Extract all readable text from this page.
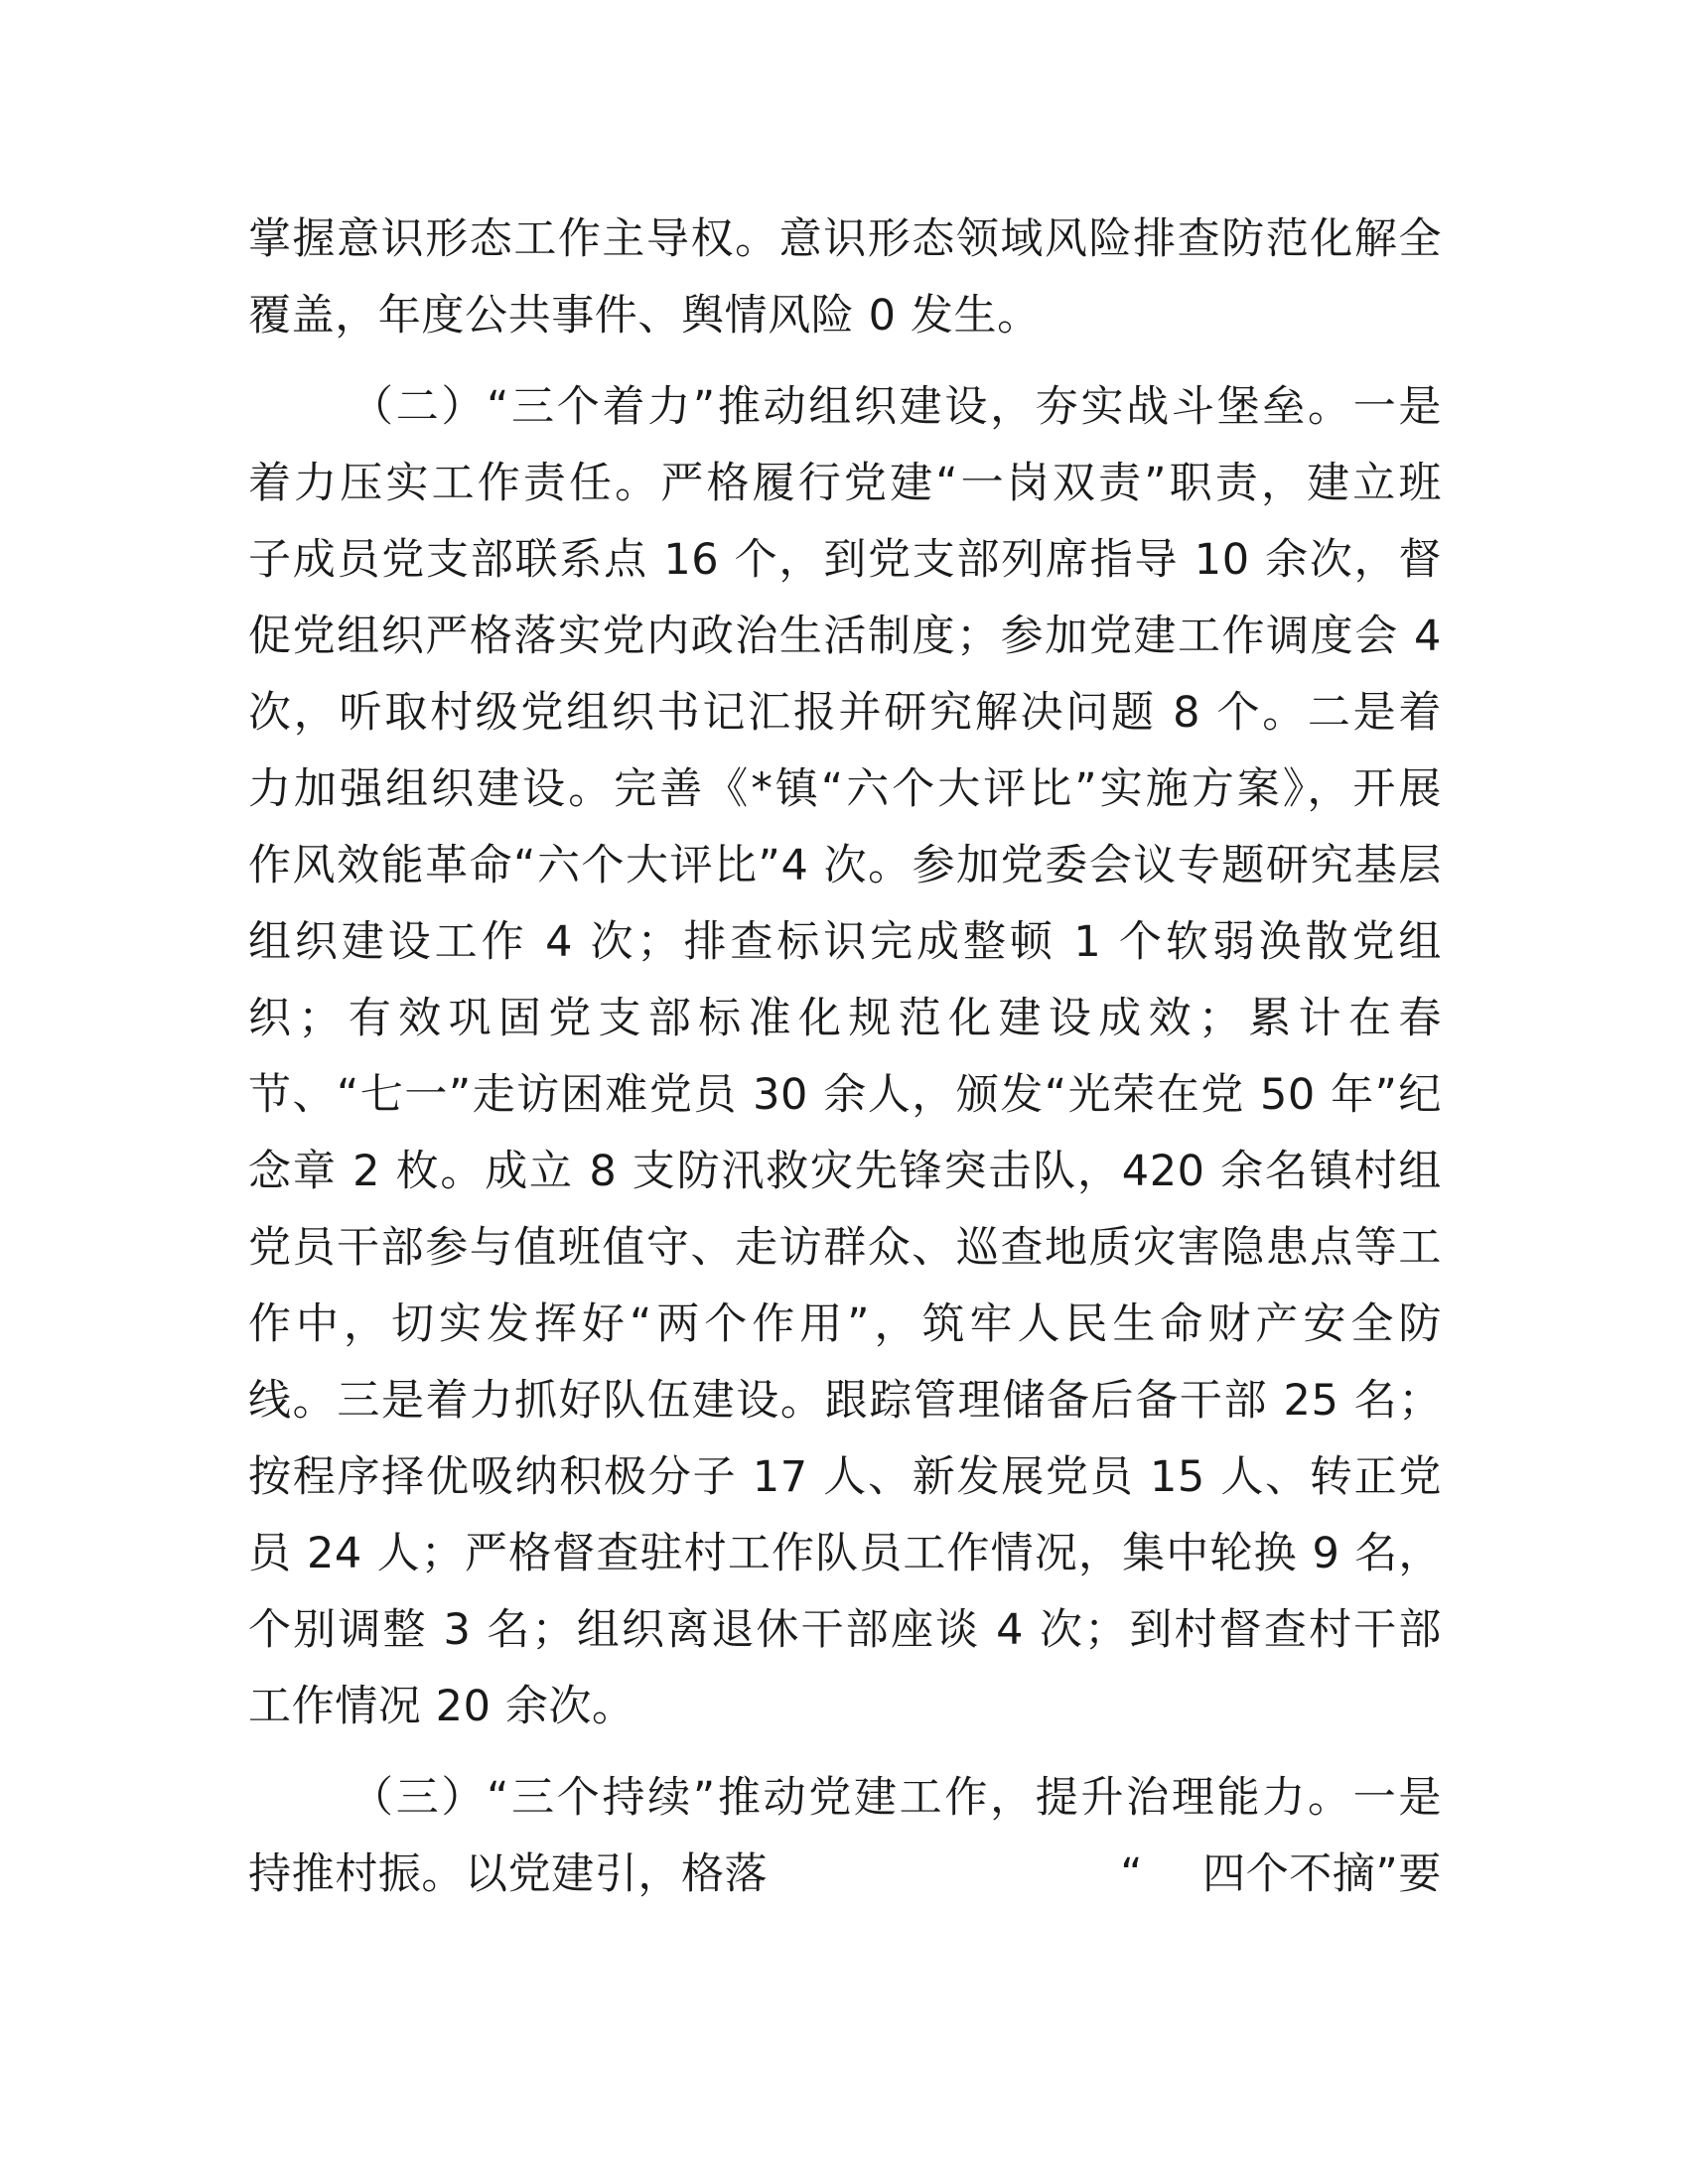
掌握意识形态工作主导权。意识形态领域风险排查防范化解全
覆盖，年度公共事件、舆情风险 0 发生。
（二）“三个着力”推动组织建设，夯实战斗堡垒。一是
着力压实工作责任。严格履行党建“一岗双责”职责，建立班
子成员党支部联系点 16 个，到党支部列席指导 10 余次，督
促党组织严格落实党内政治生活制度；参加党建工作调度会 4
次，听取村级党组织书记汇报并研究解决问题 8 个。二是着
力加强组织建设。完善《*镇“六个大评比”实施方案》，开展
作风效能革命“六个大评比”4 次。参加党委会议专题研究基层
组织建设工作 4 次；排查标识完成整顿 1 个软弱涣散党组
织；有效巩固党支部标准化规范化建设成效；累计在春
节、“七一”走访困难党员 30 余人，颁发“光荣在党 50 年”纪
念章 2 枚。成立 8 支防汛救灾先锋突击队，420 余名镇村组
党员干部参与值班值守、走访群众、巡查地质灾害隐患点等工
作中，切实发挥好“两个作用”，筑牢人民生命财产安全防
线。三是着力抓好队伍建设。跟踪管理储备后备干部 25 名；
按程序择优吸纳积极分子 17 人、新发展党员 15 人、转正党
员 24 人；严格督查驻村工作队员工作情况，集中轮换 9 名，
个别调整 3 名；组织离退休干部座谈 4 次；到村督查村干部
工作情况 20 余次。
（三）“三个持续”推动党建工作，提升治理能力。一是
持推村振。以党建引，格落	“ 四个不摘”要
